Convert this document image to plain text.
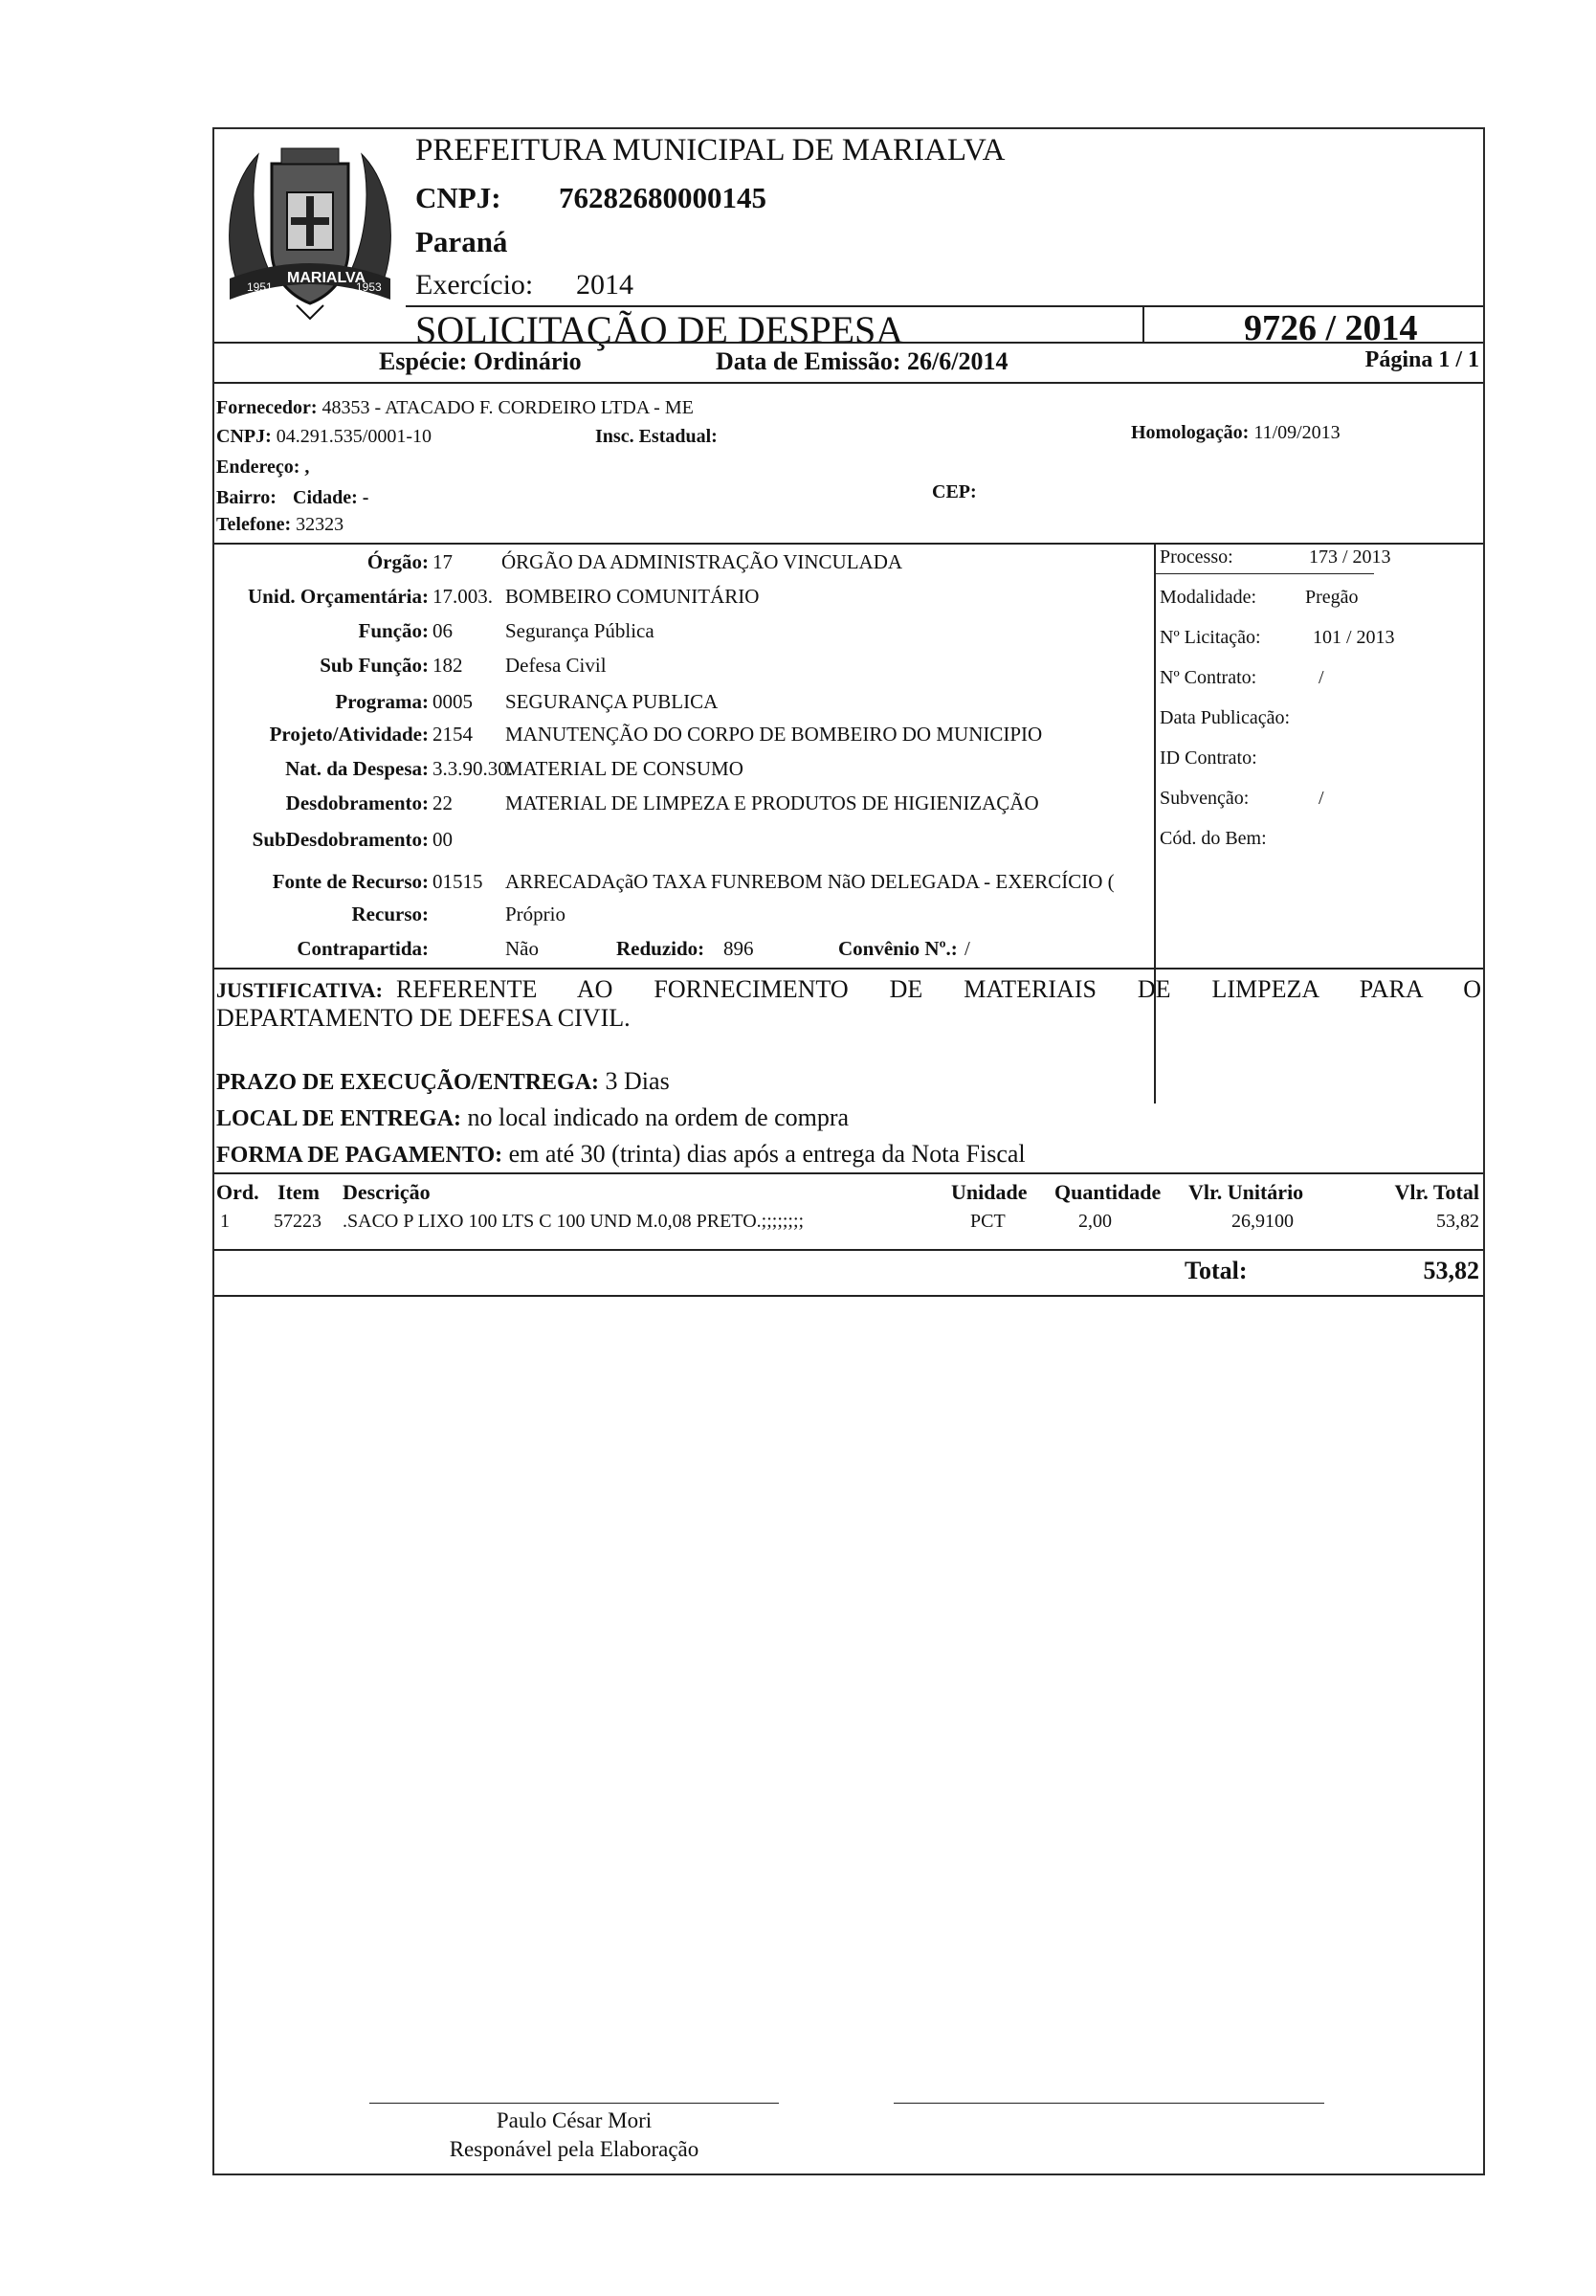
1951
MARIALVA
1953
PREFEITURA MUNICIPAL DE MARIALVA
CNPJ: 76282680000145
Paraná
Exercício: 2014
SOLICITAÇÃO DE DESPESA	9726 / 2014
Espécie: Ordinário	Data de Emissão: 26/6/2014	Página 1 / 1
Fornecedor: 48353 - ATACADO F. CORDEIRO LTDA - ME
CNPJ: 04.291.535/0001-10	Insc. Estadual:	Homologação: 11/09/2013
Endereço: ,
Bairro: Cidade: -	CEP:
Telefone: 32323
Órgão: 17 ÓRGÃO DA ADMINISTRAÇÃO VINCULADA
Unid. Orçamentária: 17.003. BOMBEIRO COMUNITÁRIO
Função: 06	Segurança Pública
Sub Função: 182 Defesa Civil
Programa: 0005 SEGURANÇA PUBLICA
Projeto/Atividade: 2154 MANUTENÇÃO DO CORPO DE BOMBEIRO DO MUNICIPIO
Nat. da Despesa: 3.3.90.30.
MATERIAL DE CONSUMO
Desdobramento: 22	MATERIAL DE LIMPEZA E PRODUTOS DE HIGIENIZAÇÃO
SubDesdobramento: 00
Fonte de Recurso: 01515 ARRECADAçãO TAXA FUNREBOM NãO DELEGADA - EXERCÍCIO (
Recurso:	Próprio
Contrapartida:	Não	Reduzido: 896	Convênio Nº.: /
Processo:	173 / 2013
Modalidade:	Pregão
Nº Licitação:	101 / 2013
Nº Contrato:	/
Data Publicação:
ID Contrato:
Subvenção:	/
Cód. do Bem:
JUSTIFICATIVA: REFERENTE AO FORNECIMENTO DE MATERIAIS DE LIMPEZA PARA O
DEPARTAMENTO DE DEFESA CIVIL.
PRAZO DE EXECUÇÃO/ENTREGA: 3 Dias
LOCAL DE ENTREGA: no local indicado na ordem de compra
FORMA DE PAGAMENTO: em até 30 (trinta) dias após a entrega da Nota Fiscal
Ord. Item Descrição	Unidade Quantidade Vlr. Unitário	Vlr. Total
1 57223 .SACO P LIXO 100 LTS C 100 UND M.0,08 PRETO.;;;;;;;;	PCT	2,00	26,9100	53,82
Total:	53,82
Paulo César Mori
Responável pela Elaboração
